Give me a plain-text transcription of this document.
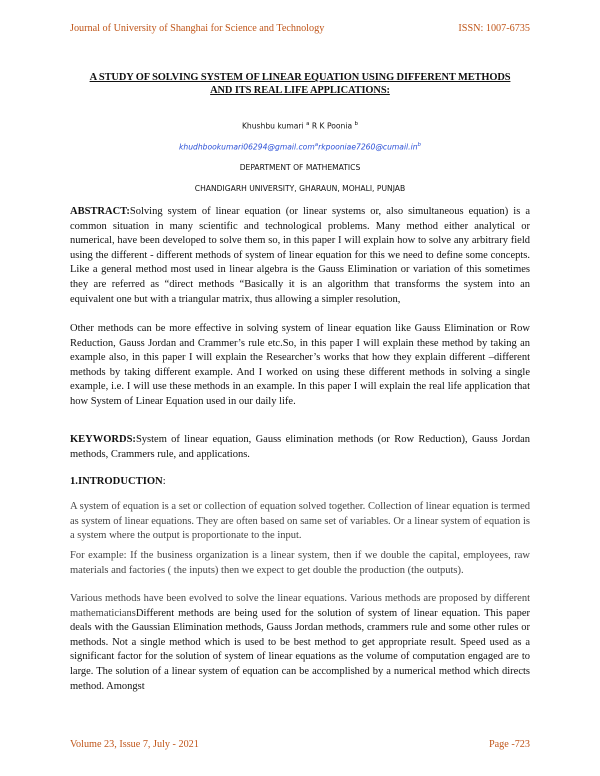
Journal of University of Shanghai for Science and Technology	ISSN: 1007-6735
A STUDY OF SOLVING SYSTEM OF LINEAR EQUATION USING DIFFERENT METHODS
AND ITS REAL LIFE APPLICATIONS:
Khushbu kumari $^a$ R K Poonia $^b$
$khudhbookumari06294@gmail.com^arkpooniae7260@cumail.in^b$
DEPARTMENT OF MATHEMATICS
CHANDIGARH UNIVERSITY, GHARAUN, MOHALI, PUNJAB

ABSTRACT:Solving system of linear equation (or linear systems or, also simultaneous equation) is a common situation in many scientific and technological problems. Many method either analytical or numerical, have been developed to solve them so, in this paper I will explain how to solve any arbitrary field using the different - different methods of system of linear equation for this we need to define some concepts. Like a general method most used in linear algebra is the Gauss Elimination or variation of this sometimes they are referred as “direct methods “Basically it is an algorithm that transforms the system into an equivalent one but with a triangular matrix, thus allowing a simpler resolution,

Other methods can be more effective in solving system of linear equation like Gauss Elimination or Row Reduction, Gauss Jordan and Crammer’s rule etc.So, in this paper I will explain these method by taking an example also, in this paper I will explain the Researcher’s works that how they explain different –different methods by taking different example. And I worked on using these different methods in solving a single example, i.e. I will use these methods in an example. In this paper I will explain the real life application that how System of Linear Equation used in our daily life.

KEYWORDS:System of linear equation, Gauss elimination methods (or Row Reduction), Gauss Jordan methods, Crammers rule, and applications.

1.INTRODUCTION:

A system of equation is a set or collection of equation solved together. Collection of linear equation is termed as system of linear equations. They are often based on same set of variables. Or a linear system of equation is a system where the output is proportionate to the input.

For example: If the business organization is a linear system, then if we double the capital, employees, raw materials and factories ( the inputs) then we expect to get double the production (the outputs).

Various methods have been evolved to solve the linear equations. Various methods are proposed by different mathematiciansDifferent methods are being used for the solution of system of linear equation. This paper deals with the Gaussian Elimination methods, Gauss Jordan methods, crammers rule and some other rules or methods. Not a single method which is used to be best method to get appropriate result. Speed used as a significant factor for the solution of system of linear equations as the volume of computation engaged are to large. The solution of a linear system of equation can be accomplished by a numerical method which directs method. Amongst

Volume 23, Issue 7, July - 2021	Page -723
